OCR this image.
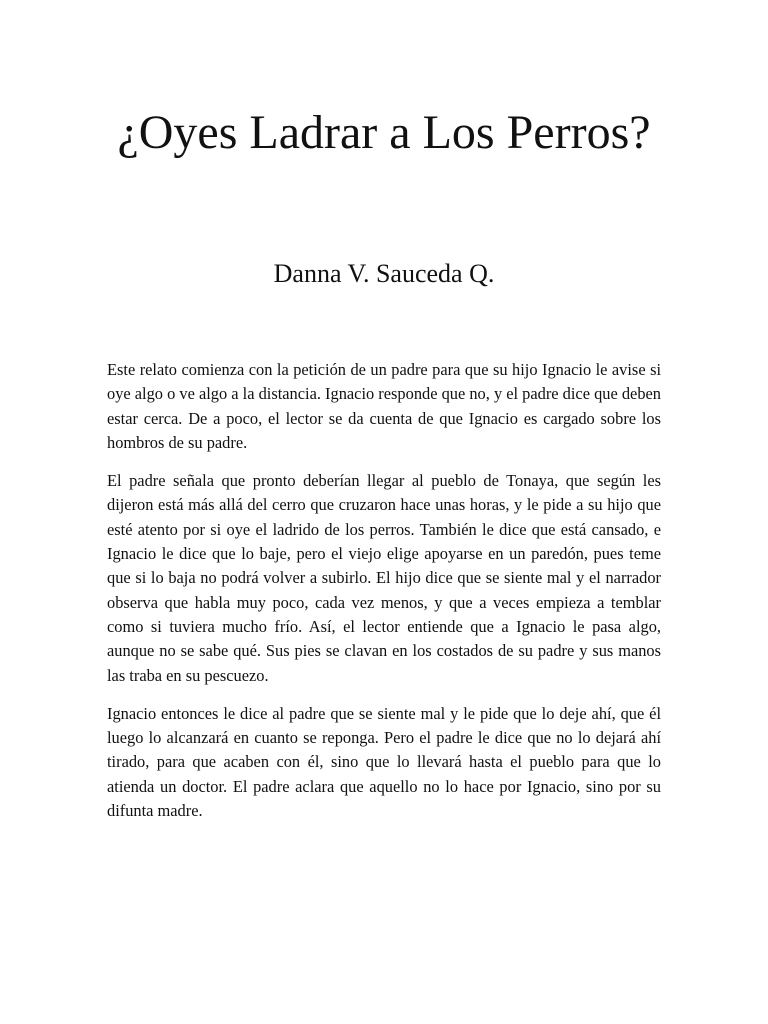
¿Oyes Ladrar a Los Perros?
Danna V. Sauceda Q.

Este relato comienza con la petición de un padre para que su hijo Ignacio le avise si oye algo o ve algo a la distancia. Ignacio responde que no, y el padre dice que deben estar cerca. De a poco, el lector se da cuenta de que Ignacio es cargado sobre los hombros de su padre.

El padre señala que pronto deberían llegar al pueblo de Tonaya, que según les dijeron está más allá del cerro que cruzaron hace unas horas, y le pide a su hijo que esté atento por si oye el ladrido de los perros. También le dice que está cansado, e Ignacio le dice que lo baje, pero el viejo elige apoyarse en un paredón, pues teme que si lo baja no podrá volver a subirlo. El hijo dice que se siente mal y el narrador observa que habla muy poco, cada vez menos, y que a veces empieza a temblar como si tuviera mucho frío. Así, el lector entiende que a Ignacio le pasa algo, aunque no se sabe qué. Sus pies se clavan en los costados de su padre y sus manos las traba en su pescuezo.

Ignacio entonces le dice al padre que se siente mal y le pide que lo deje ahí, que él luego lo alcanzará en cuanto se reponga. Pero el padre le dice que no lo dejará ahí tirado, para que acaben con él, sino que lo llevará hasta el pueblo para que lo atienda un doctor. El padre aclara que aquello no lo hace por Ignacio, sino por su difunta madre.
